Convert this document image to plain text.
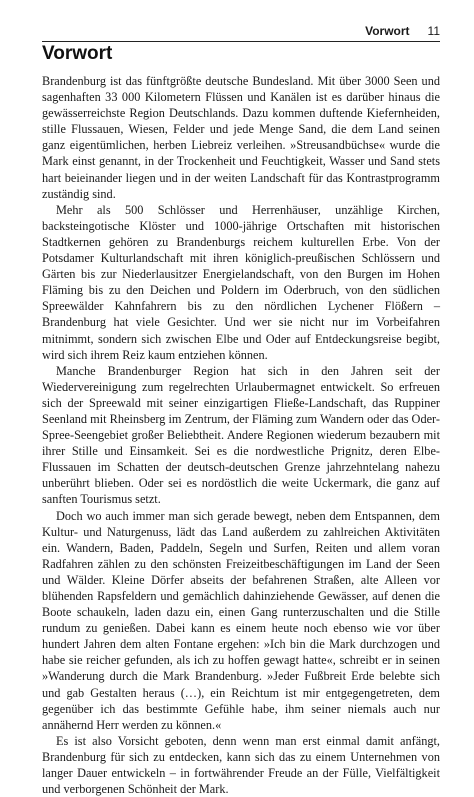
Vorwort 11
Vorwort

Brandenburg ist das fünftgrößte deutsche Bundesland. Mit über 3000 Seen und sagenhaften 33 000 Kilometern Flüssen und Kanälen ist es darüber hinaus die gewässerreichste Region Deutschlands. Dazu kommen duftende Kiefernheiden, stille Flussauen, Wiesen, Felder und jede Menge Sand, die dem Land seinen ganz eigentümlichen, herben Liebreiz verleihen. »Streusandbüchse« wurde die Mark einst genannt, in der Trockenheit und Feuchtigkeit, Wasser und Sand stets hart beieinander liegen und in der weiten Landschaft für das Kontrastprogramm zuständig sind.

Mehr als 500 Schlösser und Herrenhäuser, unzählige Kirchen, backsteingotische Klöster und 1000-jährige Ortschaften mit historischen Stadtkernen gehören zu Brandenburgs reichem kulturellen Erbe. Von der Potsdamer Kulturlandschaft mit ihren königlich-preußischen Schlössern und Gärten bis zur Niederlausitzer Energielandschaft, von den Burgen im Hohen Fläming bis zu den Deichen und Poldern im Oderbruch, von den südlichen Spreewälder Kahnfahrern bis zu den nördlichen Lychener Flößern – Brandenburg hat viele Gesichter. Und wer sie nicht nur im Vorbeifahren mitnimmt, sondern sich zwischen Elbe und Oder auf Entdeckungsreise begibt, wird sich ihrem Reiz kaum entziehen können.

Manche Brandenburger Region hat sich in den Jahren seit der Wiedervereinigung zum regelrechten Urlaubermagnet entwickelt. So erfreuen sich der Spreewald mit seiner einzigartigen Fließe-Landschaft, das Ruppiner Seenland mit Rheinsberg im Zentrum, der Fläming zum Wandern oder das Oder-Spree-Seengebiet großer Beliebtheit. Andere Regionen wiederum bezaubern mit ihrer Stille und Einsamkeit. Sei es die nordwestliche Prignitz, deren Elbe-Flussauen im Schatten der deutsch-deutschen Grenze jahrzehntelang nahezu unberührt blieben. Oder sei es nordöstlich die weite Uckermark, die ganz auf sanften Tourismus setzt.

Doch wo auch immer man sich gerade bewegt, neben dem Entspannen, dem Kultur- und Naturgenuss, lädt das Land außerdem zu zahlreichen Aktivitäten ein. Wandern, Baden, Paddeln, Segeln und Surfen, Reiten und allem voran Radfahren zählen zu den schönsten Freizeitbeschäftigungen im Land der Seen und Wälder. Kleine Dörfer abseits der befahrenen Straßen, alte Alleen vor blühenden Rapsfeldern und gemächlich dahinziehende Gewässer, auf denen die Boote schaukeln, laden dazu ein, einen Gang runterzuschalten und die Stille rundum zu genießen. Dabei kann es einem heute noch ebenso wie vor über hundert Jahren dem alten Fontane ergehen: »Ich bin die Mark durchzogen und habe sie reicher gefunden, als ich zu hoffen gewagt hatte«, schreibt er in seinen »Wanderung durch die Mark Brandenburg. »Jeder Fußbreit Erde belebte sich und gab Gestalten heraus (…), ein Reichtum ist mir entgegengetreten, dem gegenüber ich das bestimmte Gefühle habe, ihm seiner niemals auch nur annähernd Herr werden zu können.«

Es ist also Vorsicht geboten, denn wenn man erst einmal damit anfängt, Brandenburg für sich zu entdecken, kann sich das zu einem Unternehmen von langer Dauer entwickeln – in fortwährender Freude an der Fülle, Vielfältigkeit und verborgenen Schönheit der Mark.
